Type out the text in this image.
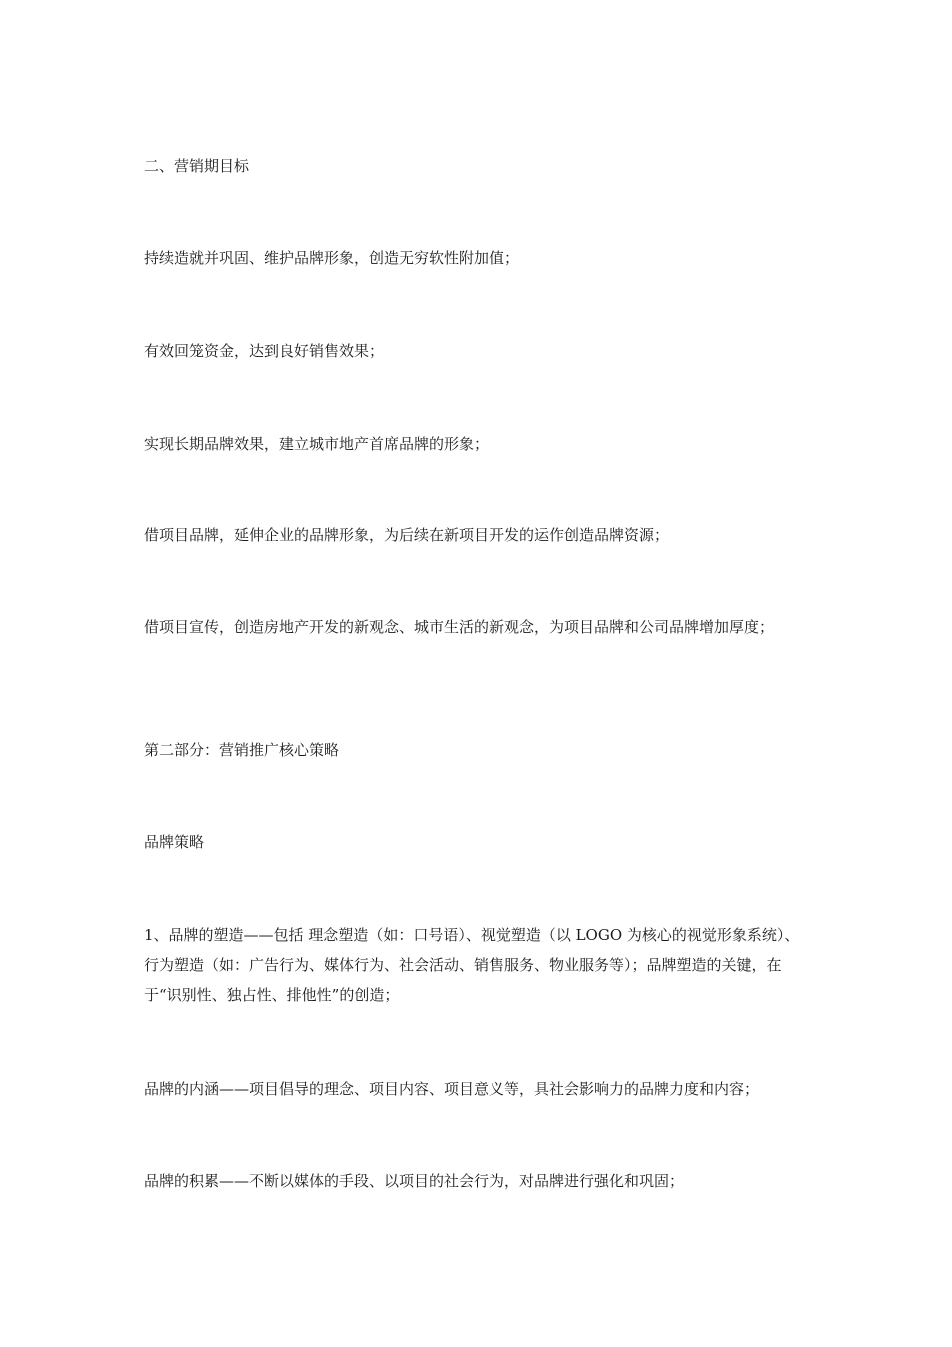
二、营销期目标

持续造就并巩固、维护品牌形象，创造无穷软性附加值；

有效回笼资金，达到良好销售效果；

实现长期品牌效果，建立城市地产首席品牌的形象；

借项目品牌，延伸企业的品牌形象，为后续在新项目开发的运作创造品牌资源；

借项目宣传，创造房地产开发的新观念、城市生活的新观念，为项目品牌和公司品牌增加厚度；

第二部分：营销推广核心策略

品牌策略

1、品牌的塑造——包括 理念塑造（如：口号语）、视觉塑造（以 LOGO 为核心的视觉形象系统）、行为塑造（如：广告行为、媒体行为、社会活动、销售服务、物业服务等）；品牌塑造的关键，在于“识别性、独占性、排他性”的创造；

品牌的内涵——项目倡导的理念、项目内容、项目意义等，具社会影响力的品牌力度和内容；

品牌的积累——不断以媒体的手段、以项目的社会行为，对品牌进行强化和巩固；
